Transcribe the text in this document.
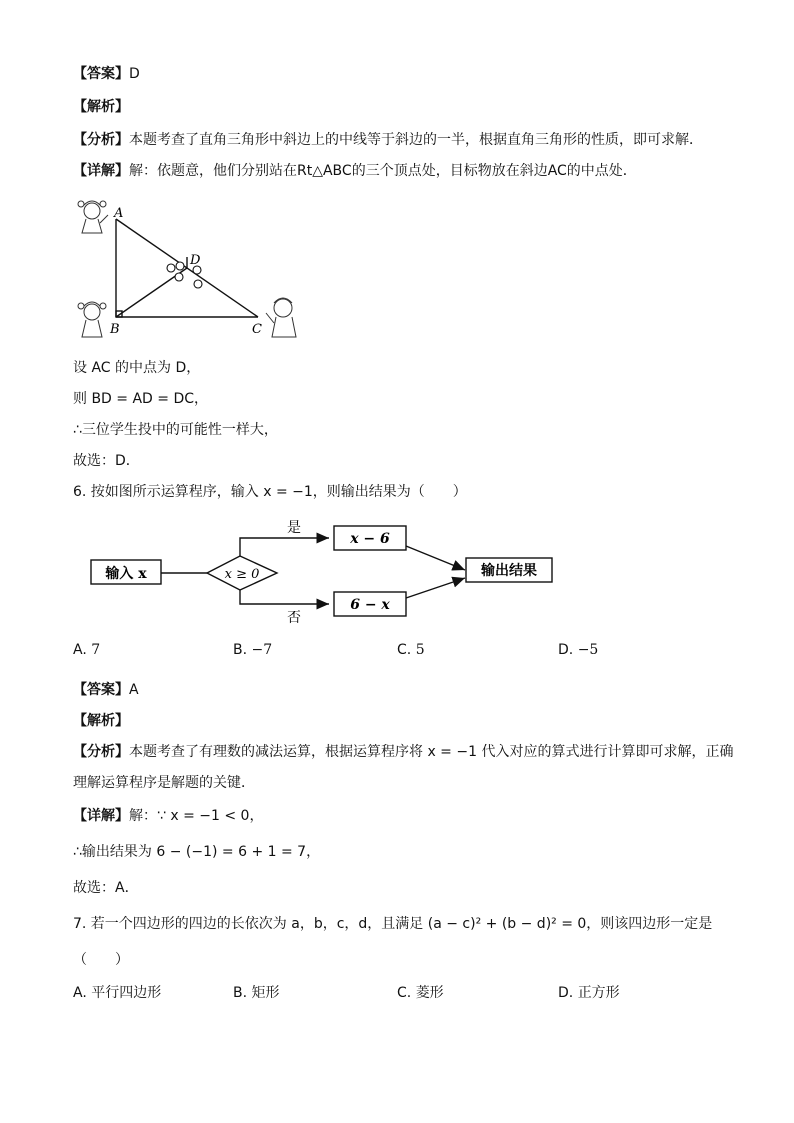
【答案】D
【解析】
【分析】本题考查了直角三角形中斜边上的中线等于斜边的一半，根据直角三角形的性质，即可求解．
【详解】解：依题意，他们分别站在Rt△ABC的三个顶点处，目标物放在斜边AC的中点处．
A
B	C
D
设 AC 的中点为 D，
则 BD = AD = DC，
∴三位学生投中的可能性一样大，
故选：D．
6. 按如图所示运算程序，输入 x = −1，则输出结果为（　　）
输入 x	x ≥ 0
是
否
x − 6
6 − x
输出结果
A. 7	B. −7	C. 5	D. −5
【答案】A
【解析】
【分析】本题考查了有理数的减法运算，根据运算程序将 x = −1 代入对应的算式进行计算即可求解，正确
理解运算程序是解题的关键．
【详解】解：∵ x = −1 < 0，
∴输出结果为 6 − (−1) = 6 + 1 = 7，
故选：A．
7. 若一个四边形的四边的长依次为 a，b，c，d，且满足 (a − c)² + (b − d)² = 0，则该四边形一定是
（　　）
A. 平行四边形	B. 矩形	C. 菱形	D. 正方形
